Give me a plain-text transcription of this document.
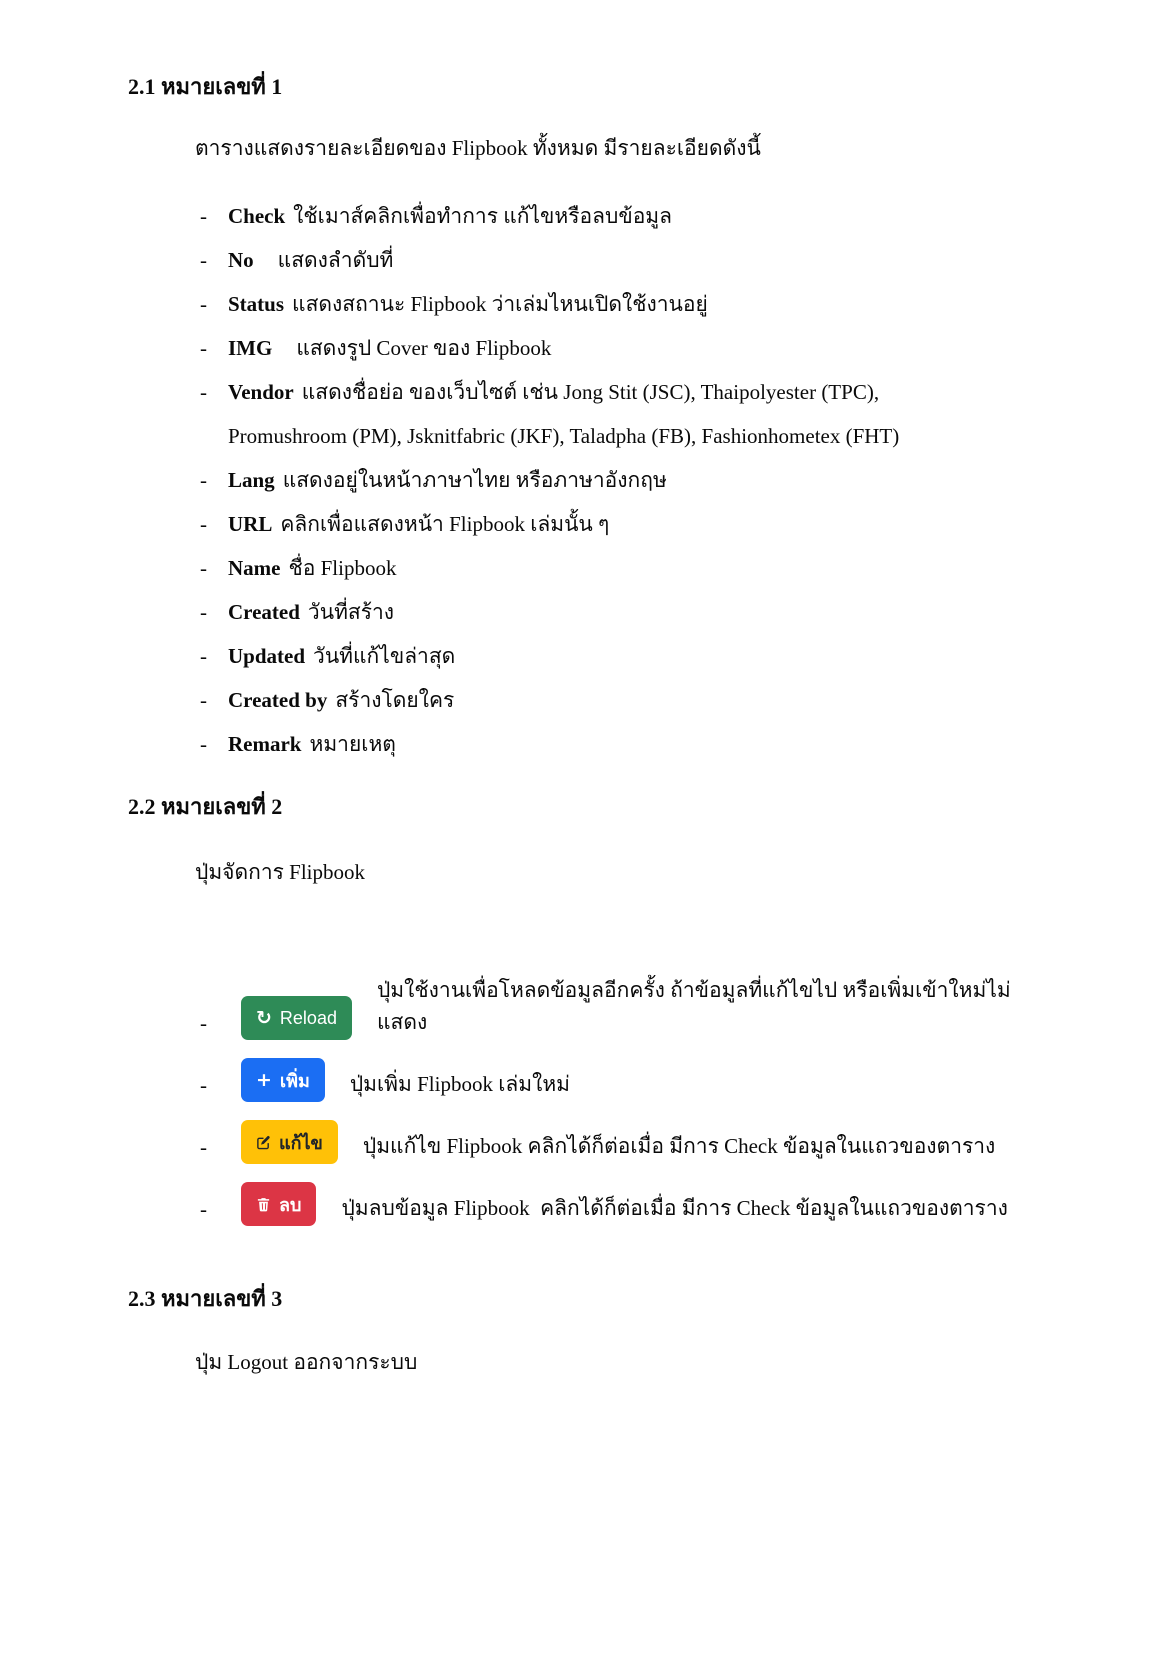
2.1 หมายเลขที่ 1
ตารางแสดงรายละเอียดของ Flipbook ทั้งหมด มีรายละเอียดดังนี้
- Check ใช้เมาส์คลิกเพื่อทำการ แก้ไขหรือลบข้อมูล
- No แสดงลำดับที่
- Status แสดงสถานะ Flipbook ว่าเล่มไหนเปิดใช้งานอยู่
- IMG แสดงรูป Cover ของ Flipbook
- Vendor แสดงชื่อย่อ ของเว็บไซต์ เช่น Jong Stit (JSC), Thaipolyester (TPC), Promushroom (PM), Jsknitfabric (JKF), Taladpha (FB), Fashionhometex (FHT)
- Lang แสดงอยู่ในหน้าภาษาไทย หรือภาษาอังกฤษ
- URL คลิกเพื่อแสดงหน้า Flipbook เล่มนั้น ๆ
- Name ชื่อ Flipbook
- Created วันที่สร้าง
- Updated วันที่แก้ไขล่าสุด
- Created by สร้างโดยใคร
- Remark หมายเหตุ
2.2 หมายเลขที่ 2
ปุ่มจัดการ Flipbook
-	↻ Reload
ปุ่มใช้งานเพื่อโหลดข้อมูลอีกครั้ง ถ้าข้อมูลที่แก้ไขไป หรือเพิ่มเข้าใหม่ไม่แสดง
-	+ เพิ่ม ปุ่มเพิ่ม Flipbook เล่มใหม่
-	แก้ไข ปุ่มแก้ไข Flipbook คลิกได้ก็ต่อเมื่อ มีการ Check ข้อมูลในแถวของตาราง
-	ลบ ปุ่มลบข้อมูล Flipbook  คลิกได้ก็ต่อเมื่อ มีการ Check ข้อมูลในแถวของตาราง
2.3 หมายเลขที่ 3
ปุ่ม Logout ออกจากระบบ
